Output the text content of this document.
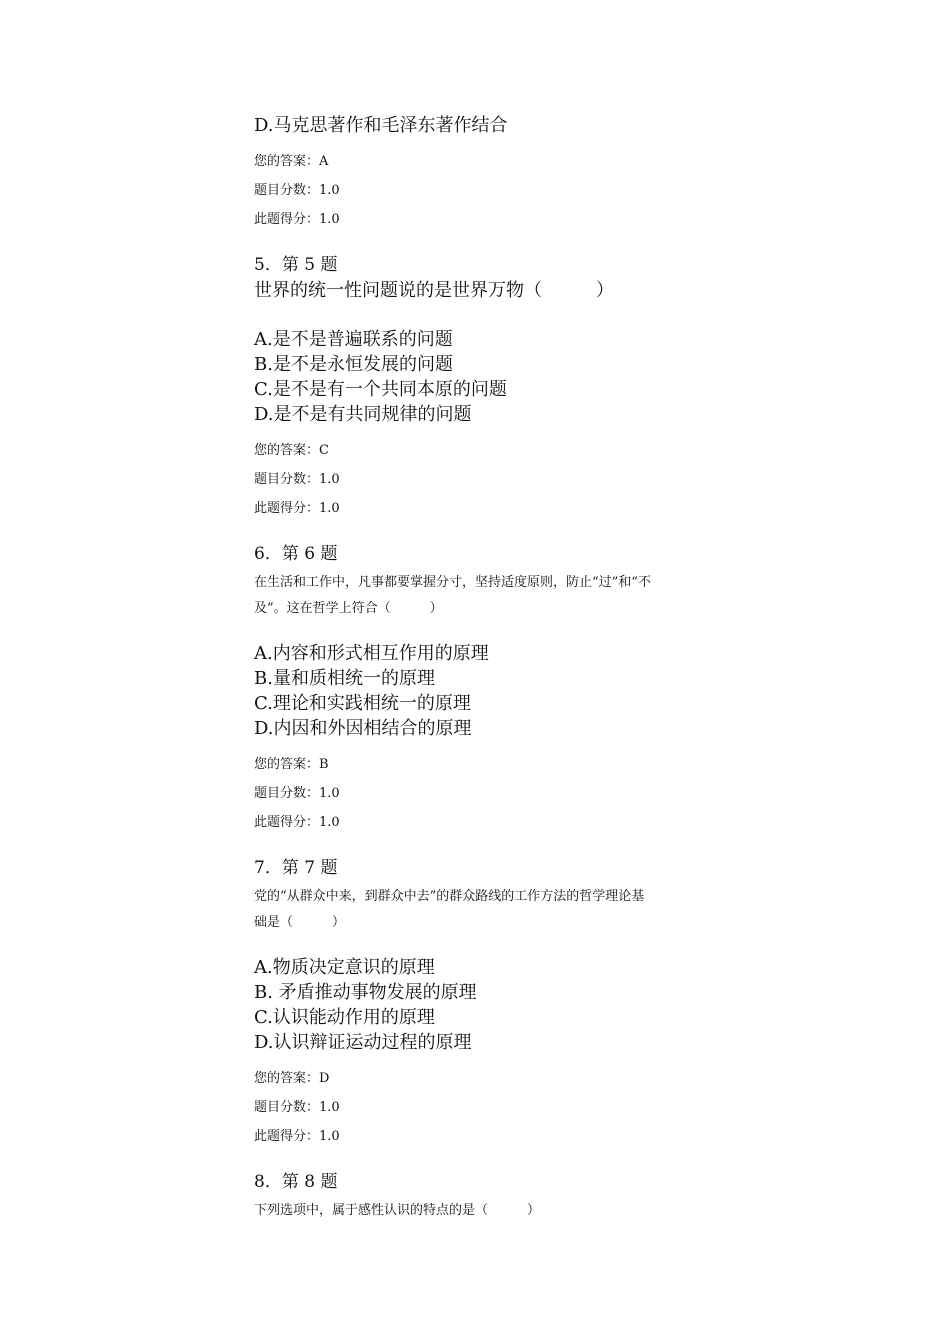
D.马克思著作和毛泽东著作结合
您的答案：A
题目分数：1.0
此题得分：1.0
5．第 5 题
世界的统一性问题说的是世界万物（　　　）
A.是不是普遍联系的问题
B.是不是永恒发展的问题
C.是不是有一个共同本原的问题
D.是不是有共同规律的问题
您的答案：C
题目分数：1.0
此题得分：1.0
6．第 6 题
在生活和工作中，凡事都要掌握分寸，坚持适度原则，防止“过”和“不
及”。这在哲学上符合（　　　）
A.内容和形式相互作用的原理
B.量和质相统一的原理
C.理论和实践相统一的原理
D.内因和外因相结合的原理
您的答案：B
题目分数：1.0
此题得分：1.0
7．第 7 题
党的“从群众中来，到群众中去”的群众路线的工作方法的哲学理论基
础是（　　　）
A.物质决定意识的原理
B. 矛盾推动事物发展的原理
C.认识能动作用的原理
D.认识辩证运动过程的原理
您的答案：D
题目分数：1.0
此题得分：1.0
8．第 8 题
下列选项中，属于感性认识的特点的是（　　　）
